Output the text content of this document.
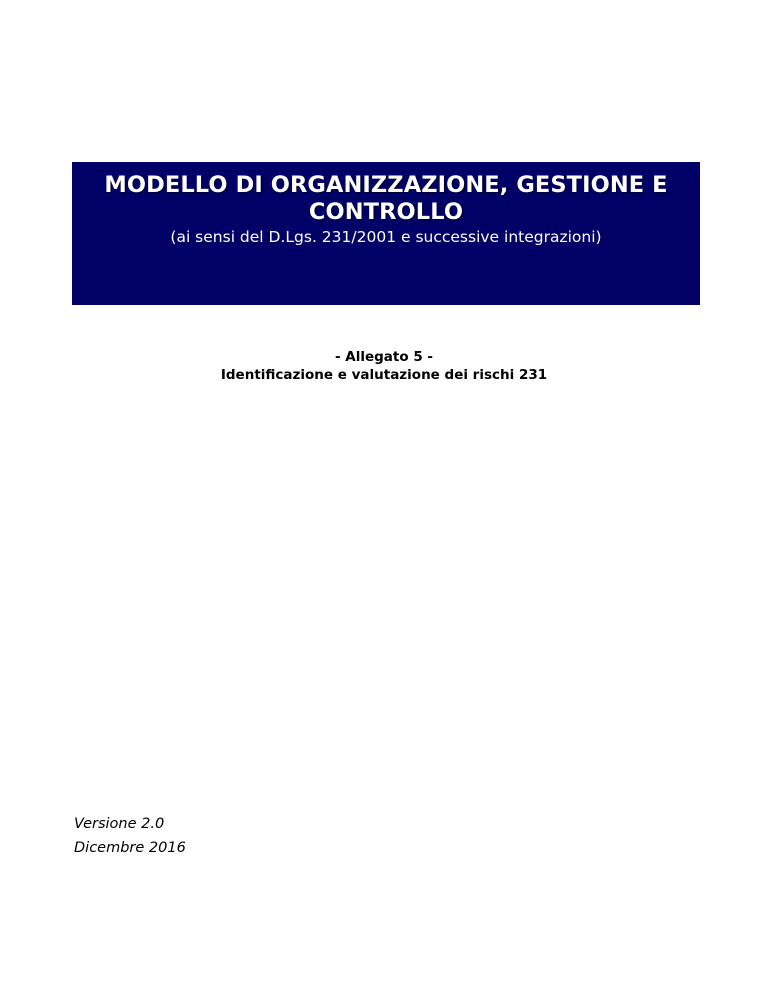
MODELLO DI ORGANIZZAZIONE, GESTIONE E CONTROLLO
(ai sensi del D.Lgs. 231/2001 e successive integrazioni)

- Allegato 5 -

Identificazione e valutazione dei rischi 231

Versione 2.0

Dicembre 2016
